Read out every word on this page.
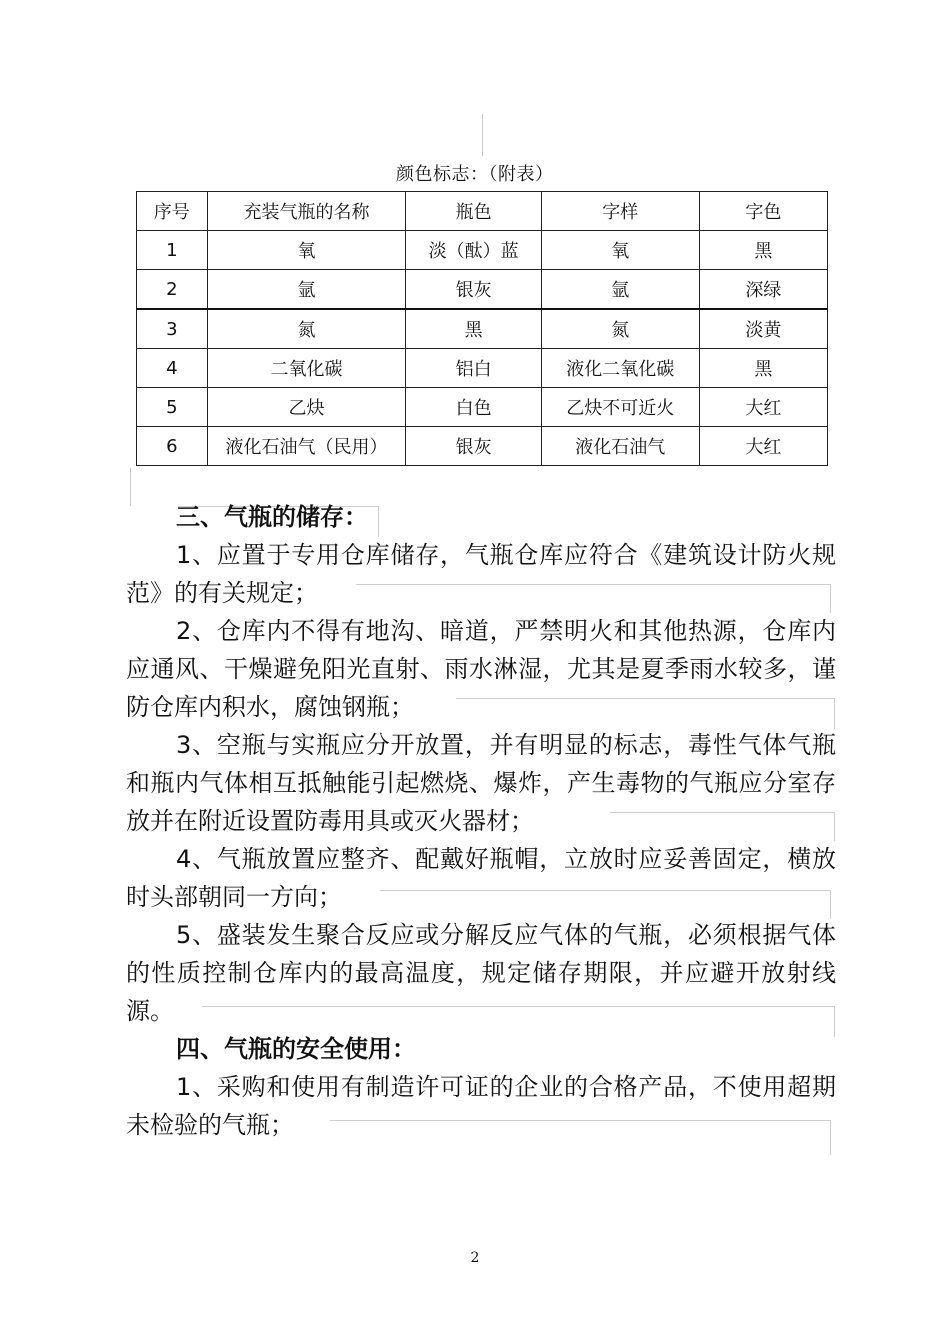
颜色标志：（附表）
序号	充装气瓶的名称	瓶色	字样	字色
1	氧	淡（酞）蓝	氧	黑
2	氩	银灰	氩	深绿
3	氮	黑	氮	淡黄
4	二氧化碳	铝白	液化二氧化碳	黑
5	乙炔	白色	乙炔不可近火	大红
6	液化石油气（民用）	银灰	液化石油气	大红

三、气瓶的储存：

1、应置于专用仓库储存，气瓶仓库应符合《建筑设计防火规范》的有关规定；

2、仓库内不得有地沟、暗道，严禁明火和其他热源，仓库内应通风、干燥避免阳光直射、雨水淋湿，尤其是夏季雨水较多，谨防仓库内积水，腐蚀钢瓶；

3、空瓶与实瓶应分开放置，并有明显的标志，毒性气体气瓶和瓶内气体相互抵触能引起燃烧、爆炸，产生毒物的气瓶应分室存放并在附近设置防毒用具或灭火器材；

4、气瓶放置应整齐、配戴好瓶帽，立放时应妥善固定，横放时头部朝同一方向；

5、盛装发生聚合反应或分解反应气体的气瓶，必须根据气体的性质控制仓库内的最高温度，规定储存期限，并应避开放射线源。

四、气瓶的安全使用：

1、采购和使用有制造许可证的企业的合格产品，不使用超期未检验的气瓶；

2
